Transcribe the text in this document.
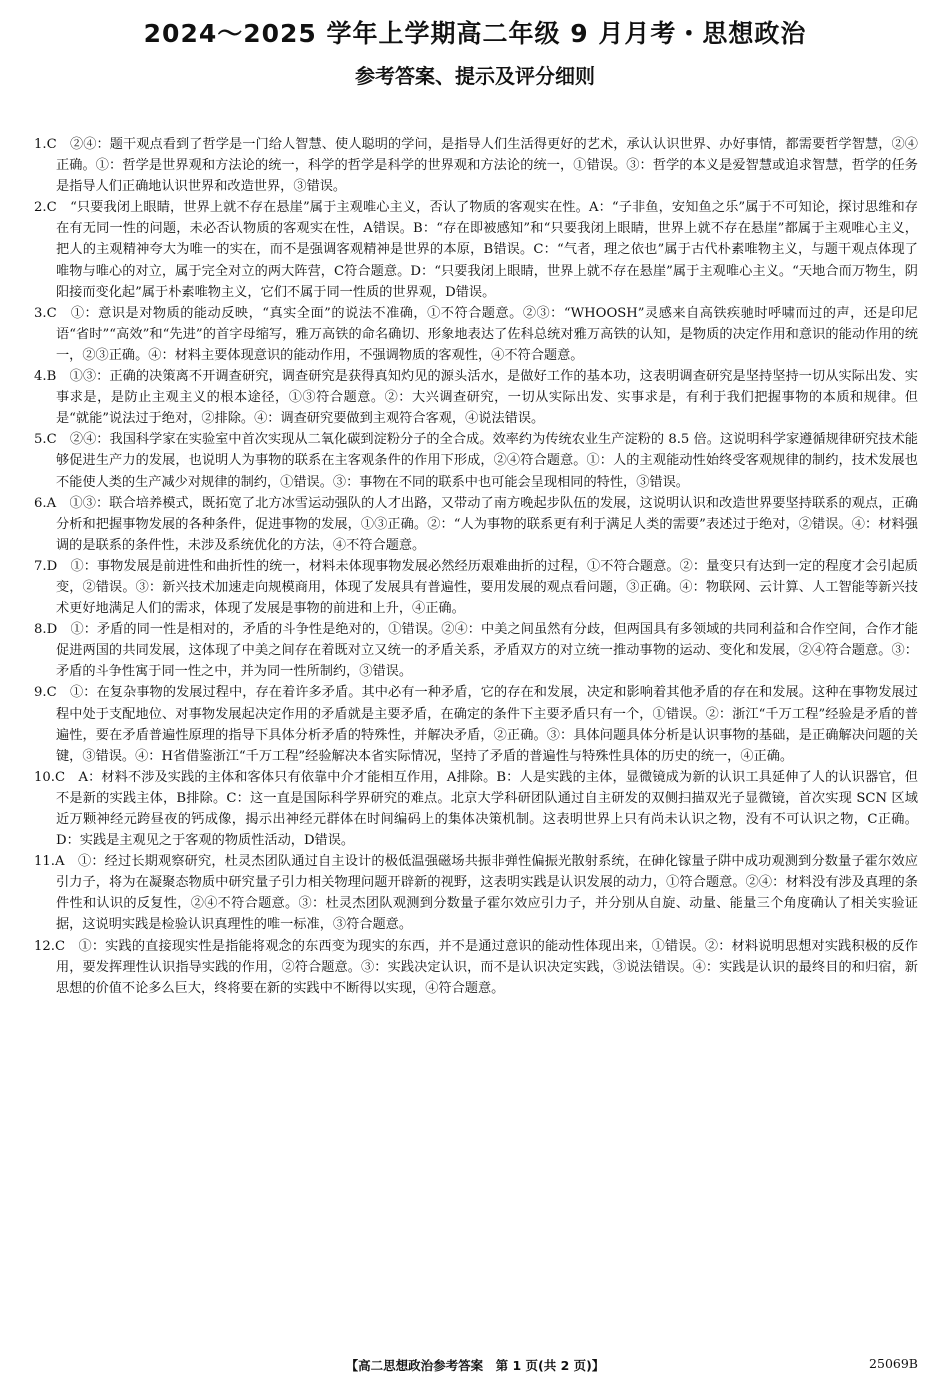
2024～2025 学年上学期高二年级 9 月月考・思想政治
参考答案、提示及评分细则
1.C　②④：题干观点看到了哲学是一门给人智慧、使人聪明的学问，是指导人们生活得更好的艺术，承认认识世界、办好事情，都需要哲学智慧，②④正确。①：哲学是世界观和方法论的统一，科学的哲学是科学的世界观和方法论的统一，①错误。③：哲学的本义是爱智慧或追求智慧，哲学的任务是指导人们正确地认识世界和改造世界，③错误。
2.C　“只要我闭上眼睛，世界上就不存在悬崖”属于主观唯心主义，否认了物质的客观实在性。A：“子非鱼，安知鱼之乐”属于不可知论，探讨思维和存在有无同一性的问题，未必否认物质的客观实在性，A错误。B：“存在即被感知”和“只要我闭上眼睛，世界上就不存在悬崖”都属于主观唯心主义，把人的主观精神夸大为唯一的实在，而不是强调客观精神是世界的本原，B错误。C：“气者，理之依也”属于古代朴素唯物主义，与题干观点体现了唯物与唯心的对立，属于完全对立的两大阵营，C符合题意。D：“只要我闭上眼睛，世界上就不存在悬崖”属于主观唯心主义。“天地合而万物生，阴阳接而变化起”属于朴素唯物主义，它们不属于同一性质的世界观，D错误。
3.C　①：意识是对物质的能动反映，“真实全面”的说法不准确，①不符合题意。②③：“WHOOSH”灵感来自高铁疾驰时呼啸而过的声，还是印尼语“省时”“高效”和“先进”的首字母缩写，雅万高铁的命名确切、形象地表达了佐科总统对雅万高铁的认知，是物质的决定作用和意识的能动作用的统一，②③正确。④：材料主要体现意识的能动作用，不强调物质的客观性，④不符合题意。
4.B　①③：正确的决策离不开调查研究，调查研究是获得真知灼见的源头活水，是做好工作的基本功，这表明调查研究是坚持坚持一切从实际出发、实事求是，是防止主观主义的根本途径，①③符合题意。②：大兴调查研究，一切从实际出发、实事求是，有利于我们把握事物的本质和规律。但是“就能”说法过于绝对，②排除。④：调查研究要做到主观符合客观，④说法错误。
5.C　②④：我国科学家在实验室中首次实现从二氧化碳到淀粉分子的全合成。效率约为传统农业生产淀粉的 8.5 倍。这说明科学家遵循规律研究技术能够促进生产力的发展，也说明人为事物的联系在主客观条件的作用下形成，②④符合题意。①：人的主观能动性始终受客观规律的制约，技术发展也不能使人类的生产减少对规律的制约，①错误。③：事物在不同的联系中也可能会呈现相同的特性，③错误。
6.A　①③：联合培养模式，既拓宽了北方冰雪运动强队的人才出路，又带动了南方晚起步队伍的发展，这说明认识和改造世界要坚持联系的观点，正确分析和把握事物发展的各种条件，促进事物的发展，①③正确。②：“人为事物的联系更有利于满足人类的需要”表述过于绝对，②错误。④：材料强调的是联系的条件性，未涉及系统优化的方法，④不符合题意。
7.D　①：事物发展是前进性和曲折性的统一，材料未体现事物发展必然经历艰难曲折的过程，①不符合题意。②：量变只有达到一定的程度才会引起质变，②错误。③：新兴技术加速走向规模商用，体现了发展具有普遍性，要用发展的观点看问题，③正确。④：物联网、云计算、人工智能等新兴技术更好地满足人们的需求，体现了发展是事物的前进和上升，④正确。
8.D　①：矛盾的同一性是相对的，矛盾的斗争性是绝对的，①错误。②④：中美之间虽然有分歧，但两国具有多领域的共同利益和合作空间，合作才能促进两国的共同发展，这体现了中美之间存在着既对立又统一的矛盾关系，矛盾双方的对立统一推动事物的运动、变化和发展，②④符合题意。③：矛盾的斗争性寓于同一性之中，并为同一性所制约，③错误。
9.C　①：在复杂事物的发展过程中，存在着许多矛盾。其中必有一种矛盾，它的存在和发展，决定和影响着其他矛盾的存在和发展。这种在事物发展过程中处于支配地位、对事物发展起决定作用的矛盾就是主要矛盾，在确定的条件下主要矛盾只有一个，①错误。②：浙江“千万工程”经验是矛盾的普遍性，要在矛盾普遍性原理的指导下具体分析矛盾的特殊性，并解决矛盾，②正确。③：具体问题具体分析是认识事物的基础，是正确解决问题的关键，③错误。④：H省借鉴浙江“千万工程”经验解决本省实际情况，坚持了矛盾的普遍性与特殊性具体的历史的统一，④正确。
10.C　A：材料不涉及实践的主体和客体只有依靠中介才能相互作用，A排除。B：人是实践的主体，显微镜成为新的认识工具延伸了人的认识器官，但不是新的实践主体，B排除。C：这一直是国际科学界研究的难点。北京大学科研团队通过自主研发的双侧扫描双光子显微镜，首次实现 SCN 区域近万颗神经元跨昼夜的钙成像，揭示出神经元群体在时间编码上的集体决策机制。这表明世界上只有尚未认识之物，没有不可认识之物，C正确。D：实践是主观见之于客观的物质性活动，D错误。
11.A　①：经过长期观察研究，杜灵杰团队通过自主设计的极低温强磁场共振非弹性偏振光散射系统，在砷化镓量子阱中成功观测到分数量子霍尔效应引力子，将为在凝聚态物质中研究量子引力相关物理问题开辟新的视野，这表明实践是认识发展的动力，①符合题意。②④：材料没有涉及真理的条件性和认识的反复性，②④不符合题意。③：杜灵杰团队观测到分数量子霍尔效应引力子，并分别从自旋、动量、能量三个角度确认了相关实验证据，这说明实践是检验认识真理性的唯一标准，③符合题意。
12.C　①：实践的直接现实性是指能将观念的东西变为现实的东西，并不是通过意识的能动性体现出来，①错误。②：材料说明思想对实践积极的反作用，要发挥理性认识指导实践的作用，②符合题意。③：实践决定认识，而不是认识决定实践，③说法错误。④：实践是认识的最终目的和归宿，新思想的价值不论多么巨大，终将要在新的实践中不断得以实现，④符合题意。
【高二思想政治参考答案　第 1 页(共 2 页)】	25069B
